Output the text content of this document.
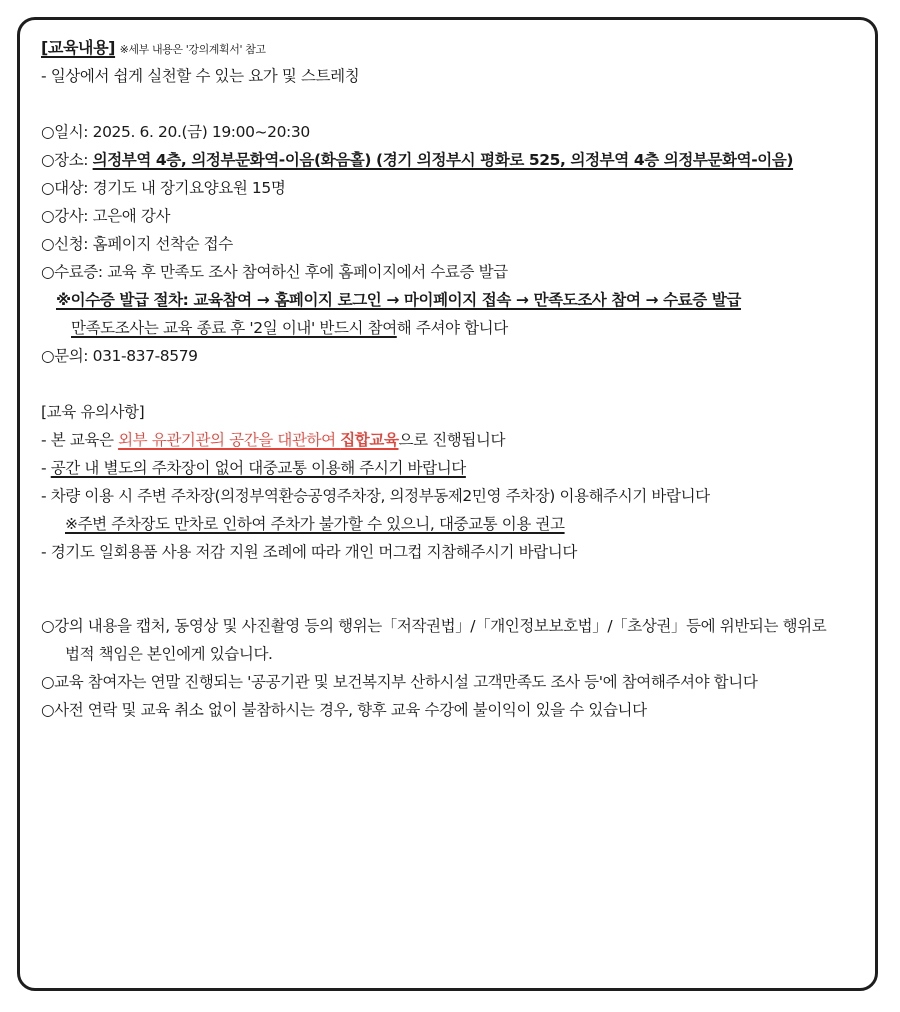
[교육내용] ※세부 내용은 '강의계획서' 참고
- 일상에서 쉽게 실천할 수 있는 요가 및 스트레칭
○일시: 2025. 6. 20.(금) 19:00~20:30
○장소: 의정부역 4층, 의정부문화역-이음(화음홀) (경기 의정부시 평화로 525, 의정부역 4층 의정부문화역-이음)
○대상: 경기도 내 장기요양요원 15명
○강사: 고은애 강사
○신청: 홈페이지 선착순 접수
○수료증: 교육 후 만족도 조사 참여하신 후에 홈페이지에서 수료증 발급
※이수증 발급 절차: 교육참여 → 홈페이지 로그인 → 마이페이지 접속 → 만족도조사 참여 → 수료증 발급
만족도조사는 교육 종료 후 '2일 이내' 반드시 참여해 주셔야 합니다
○문의: 031-837-8579
[교육 유의사항]
- 본 교육은 외부 유관기관의 공간을 대관하여 집합교육으로 진행됩니다
- 공간 내 별도의 주차장이 없어 대중교통 이용해 주시기 바랍니다
- 차량 이용 시 주변 주차장(의정부역환승공영주차장, 의정부동제2민영 주차장) 이용해주시기 바랍니다
※주변 주차장도 만차로 인하여 주차가 불가할 수 있으니, 대중교통 이용 권고
- 경기도 일회용품 사용 저감 지원 조례에 따라 개인 머그컵 지참해주시기 바랍니다
○강의 내용을 캡처, 동영상 및 사진촬영 등의 행위는「저작권법」/「개인정보보호법」/「초상권」등에 위반되는 행위로
법적 책임은 본인에게 있습니다.
○교육 참여자는 연말 진행되는 '공공기관 및 보건복지부 산하시설 고객만족도 조사 등'에 참여해주셔야 합니다
○사전 연락 및 교육 취소 없이 불참하시는 경우, 향후 교육 수강에 불이익이 있을 수 있습니다
